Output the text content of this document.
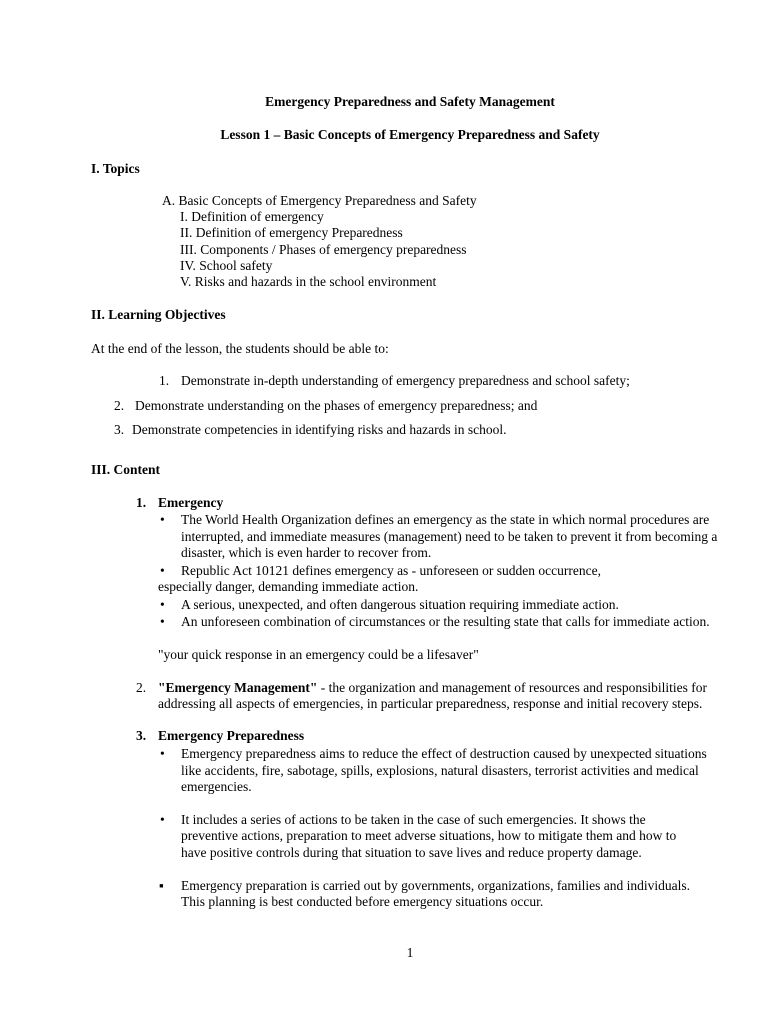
Emergency Preparedness and Safety Management
Lesson 1 – Basic Concepts of Emergency Preparedness and Safety
I. Topics
A. Basic Concepts of Emergency Preparedness and Safety
I. Definition of emergency
II. Definition of emergency Preparedness
III. Components / Phases of emergency preparedness
IV. School safety
V. Risks and hazards in the school environment
II. Learning Objectives
At the end of the lesson, the students should be able to:
1. Demonstrate in-depth understanding of emergency preparedness and school safety;
2. Demonstrate understanding on the phases of emergency preparedness; and
3. Demonstrate competencies in identifying risks and hazards in school.
III. Content
1. Emergency
• The World Health Organization defines an emergency as the state in which normal procedures are
interrupted, and immediate measures (management) need to be taken to prevent it from becoming a
disaster, which is even harder to recover from.
• Republic Act 10121 defines emergency as - unforeseen or sudden occurrence,
especially danger, demanding immediate action.
• A serious, unexpected, and often dangerous situation requiring immediate action.
• An unforeseen combination of circumstances or the resulting state that calls for immediate action.
"your quick response in an emergency could be a lifesaver"
2. "Emergency Management" - the organization and management of resources and responsibilities for
addressing all aspects of emergencies, in particular preparedness, response and initial recovery steps.
3. Emergency Preparedness
• Emergency preparedness aims to reduce the effect of destruction caused by unexpected situations
like accidents, fire, sabotage, spills, explosions, natural disasters, terrorist activities and medical
emergencies.
• It includes a series of actions to be taken in the case of such emergencies. It shows the
preventive actions, preparation to meet adverse situations, how to mitigate them and how to
have positive controls during that situation to save lives and reduce property damage.
▪ Emergency preparation is carried out by governments, organizations, families and individuals.
This planning is best conducted before emergency situations occur.
1
